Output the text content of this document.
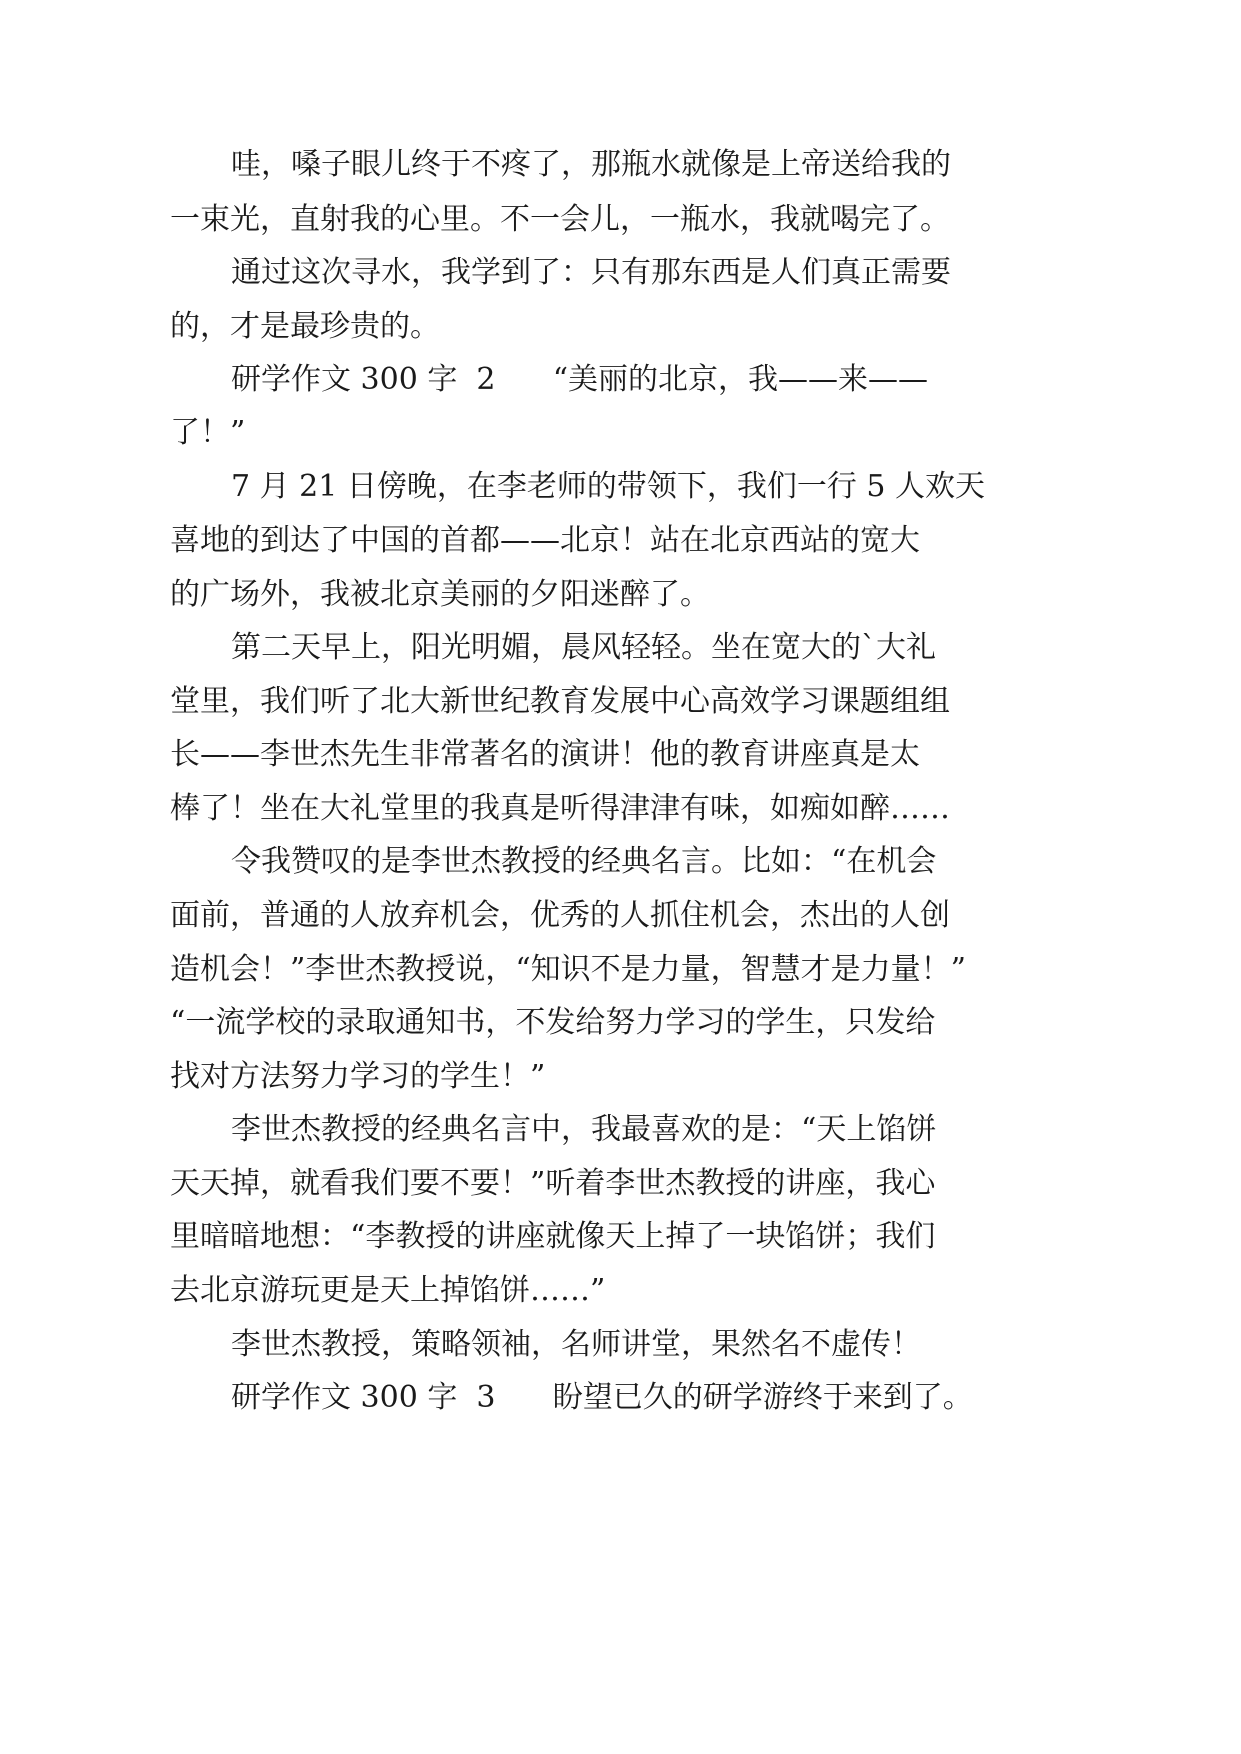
哇，嗓子眼儿终于不疼了，那瓶水就像是上帝送给我的

一束光，直射我的心里。不一会儿，一瓶水，我就喝完了。

通过这次寻水，我学到了：只有那东西是人们真正需要

的，才是最珍贵的。

研学作文 300 字  2      “美丽的北京，我——来——

了！”

7 月 21 日傍晚，在李老师的带领下，我们一行 5 人欢天

喜地的到达了中国的首都——北京！站在北京西站的宽大

的广场外，我被北京美丽的夕阳迷醉了。

第二天早上，阳光明媚，晨风轻轻。坐在宽大的`大礼

堂里，我们听了北大新世纪教育发展中心高效学习课题组组

长——李世杰先生非常著名的演讲！他的教育讲座真是太

棒了！坐在大礼堂里的我真是听得津津有味，如痴如醉……

令我赞叹的是李世杰教授的经典名言。比如：“在机会

面前，普通的人放弃机会，优秀的人抓住机会，杰出的人创

造机会！”李世杰教授说，“知识不是力量，智慧才是力量！”

“一流学校的录取通知书，不发给努力学习的学生，只发给

找对方法努力学习的学生！”

李世杰教授的经典名言中，我最喜欢的是：“天上馅饼

天天掉，就看我们要不要！”听着李世杰教授的讲座，我心

里暗暗地想：“李教授的讲座就像天上掉了一块馅饼；我们

去北京游玩更是天上掉馅饼……”

李世杰教授，策略领袖，名师讲堂，果然名不虚传！

研学作文 300 字  3      盼望已久的研学游终于来到了。
